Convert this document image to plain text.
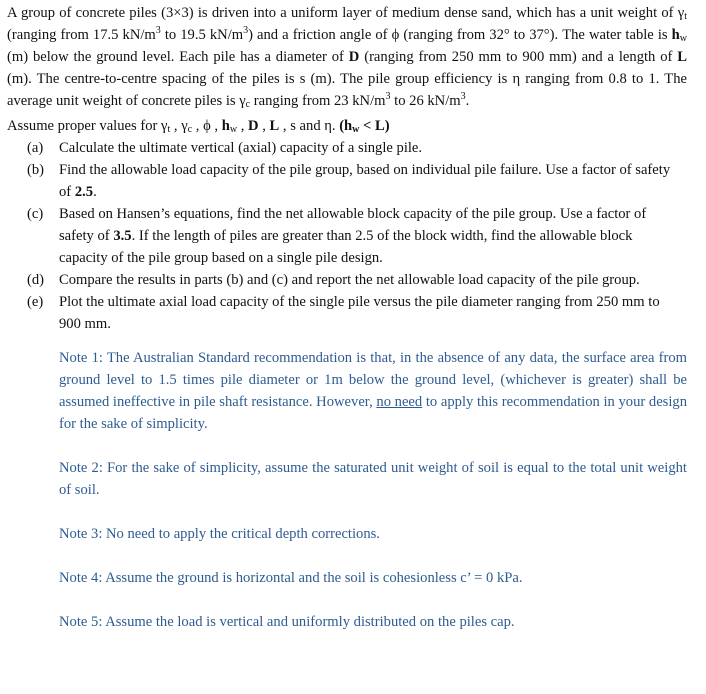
A group of concrete piles (3×3) is driven into a uniform layer of medium dense sand, which has a unit weight of $\gamma_t$ (ranging from 17.5 $kN/m^3$ to 19.5 $kN/m^3$) and a friction angle of ϕ (ranging from 32° to 37°). The water table is $h_w$ (m) below the ground level. Each pile has a diameter of D (ranging from 250 mm to 900 mm) and a length of L (m). The centre-to-centre spacing of the piles is s (m). The pile group efficiency is η ranging from 0.8 to 1. The average unit weight of concrete piles is $\gamma_c$ ranging from 23 $kN/m^3$ to 26 $kN/m^3$.

Assume proper values for $\gamma_t$ , $\gamma_c$ , ϕ , $h_w$ , D , L , s and η. $(h_w < L)$

(a) Calculate the ultimate vertical (axial) capacity of a single pile.
(b) Find the allowable load capacity of the pile group, based on individual pile failure. Use a factor of safety of 2.5.
(c) Based on Hansen’s equations, find the net allowable block capacity of the pile group. Use a factor of safety of 3.5. If the length of piles are greater than 2.5 of the block width, find the allowable block capacity of the pile group based on a single pile design.
(d) Compare the results in parts (b) and (c) and report the net allowable load capacity of the pile group.
(e) Plot the ultimate axial load capacity of the single pile versus the pile diameter ranging from 250 mm to 900 mm.

Note 1: The Australian Standard recommendation is that, in the absence of any data, the surface area from ground level to 1.5 times pile diameter or 1m below the ground level, (whichever is greater) shall be assumed ineffective in pile shaft resistance. However, no need to apply this recommendation in your design for the sake of simplicity.

Note 2: For the sake of simplicity, assume the saturated unit weight of soil is equal to the total unit weight of soil.

Note 3: No need to apply the critical depth corrections.

Note 4: Assume the ground is horizontal and the soil is cohesionless c’ = 0 kPa.

Note 5: Assume the load is vertical and uniformly distributed on the piles cap.
